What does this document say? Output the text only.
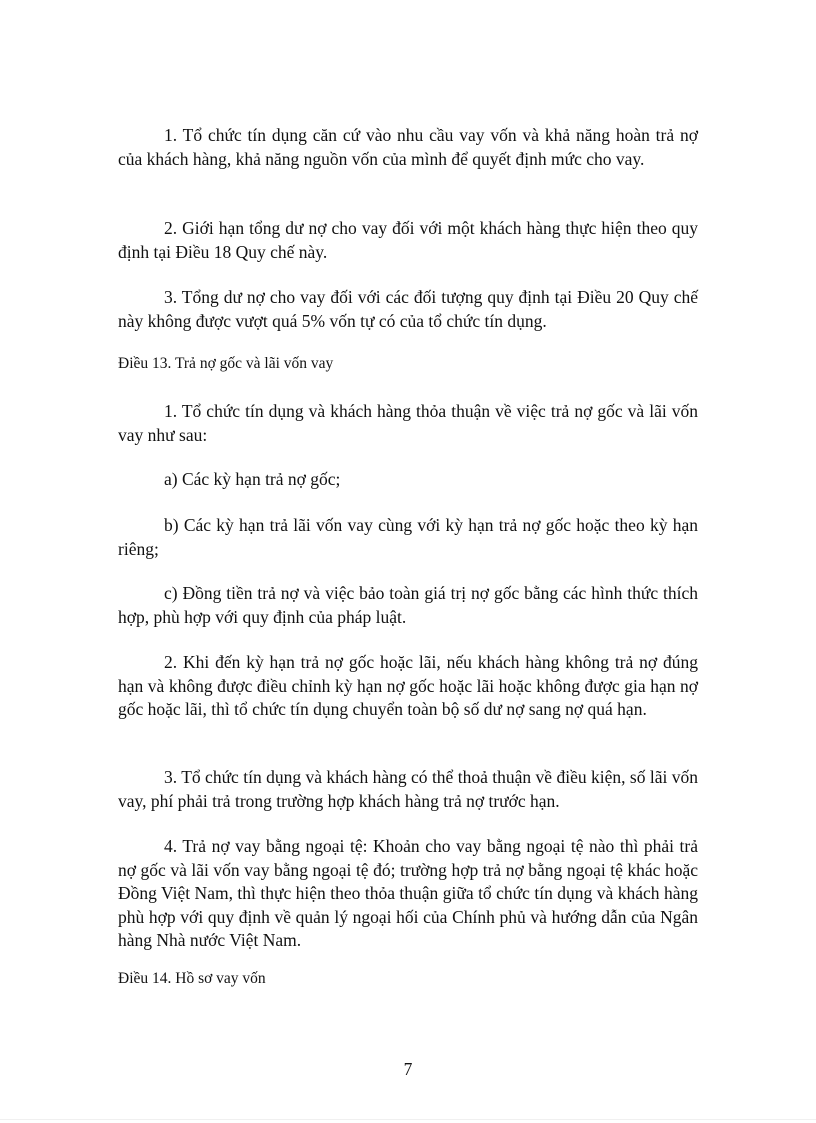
1. Tổ chức tín dụng căn cứ vào nhu cầu vay vốn và khả năng hoàn trả nợ của khách hàng, khả năng nguồn vốn của mình để quyết định mức cho vay.

2. Giới hạn tổng dư nợ cho vay đối với một khách hàng thực hiện theo quy định tại Điều 18 Quy chế này.

3. Tổng dư nợ cho vay đối với các đối tượng quy định tại Điều 20 Quy chế này không được vượt quá 5% vốn tự có của tổ chức tín dụng.

Điều 13. Trả nợ gốc và lãi vốn vay

1. Tổ chức tín dụng và khách hàng thỏa thuận về việc trả nợ gốc và lãi vốn vay như sau:

a) Các kỳ hạn trả nợ gốc;

b) Các kỳ hạn trả lãi vốn vay cùng với kỳ hạn trả nợ gốc hoặc theo kỳ hạn riêng;

c) Đồng tiền trả nợ và việc bảo toàn giá trị nợ gốc bằng các hình thức thích hợp, phù hợp với quy định của pháp luật.

2. Khi đến kỳ hạn trả nợ gốc hoặc lãi, nếu khách hàng không trả nợ đúng hạn và không được điều chỉnh kỳ hạn nợ gốc hoặc lãi hoặc không được gia hạn nợ gốc hoặc lãi, thì tổ chức tín dụng chuyển toàn bộ số dư nợ sang nợ quá hạn.

3. Tổ chức tín dụng và khách hàng có thể thoả thuận về điều kiện, số lãi vốn vay, phí phải trả trong trường hợp khách hàng trả nợ trước hạn.

4. Trả nợ vay bằng ngoại tệ: Khoản cho vay bằng ngoại tệ nào thì phải trả nợ gốc và lãi vốn vay bằng ngoại tệ đó; trường hợp trả nợ bằng ngoại tệ khác hoặc Đồng Việt Nam, thì thực hiện theo thỏa thuận giữa tổ chức tín dụng và khách hàng phù hợp với quy định về quản lý ngoại hối của Chính phủ và hướng dẫn của Ngân hàng Nhà nước Việt Nam.

Điều 14. Hồ sơ vay vốn

7
